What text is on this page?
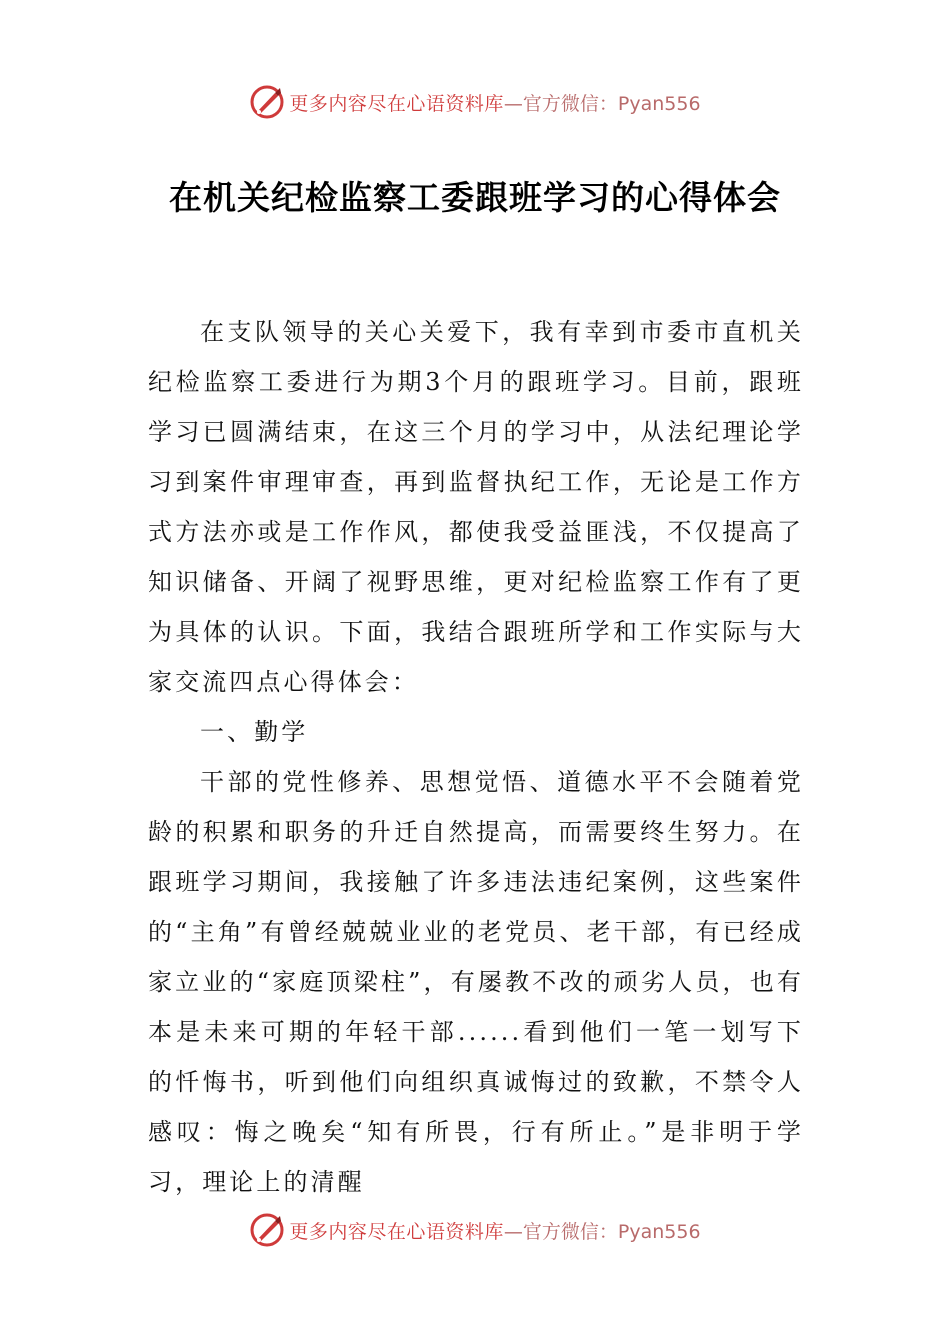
更多内容尽在心语资料库 —官方微信：Pyan556
在机关纪检监察工委跟班学习的心得体会

在支队领导的关心关爱下，我有幸到市委市直机关纪检监察工委进行为期3个月的跟班学习。目前，跟班学习已圆满结束，在这三个月的学习中，从法纪理论学习到案件审理审查，再到监督执纪工作，无论是工作方式方法亦或是工作作风，都使我受益匪浅，不仅提高了知识储备、开阔了视野思维，更对纪检监察工作有了更为具体的认识。下面，我结合跟班所学和工作实际与大家交流四点心得体会：

一、勤学

干部的党性修养、思想觉悟、道德水平不会随着党龄的积累和职务的升迁自然提高，而需要终生努力。在跟班学习期间，我接触了许多违法违纪案例，这些案件的“主角”有曾经兢兢业业的老党员、老干部，有已经成家立业的“家庭顶梁柱”，有屡教不改的顽劣人员，也有本是未来可期的年轻干部......看到他们一笔一划写下的忏悔书，听到他们向组织真诚悔过的致歉，不禁令人感叹：悔之晚矣“知有所畏，行有所止。”是非明于学习，理论上的清醒

更多内容尽在心语资料库 —官方微信：Pyan556
